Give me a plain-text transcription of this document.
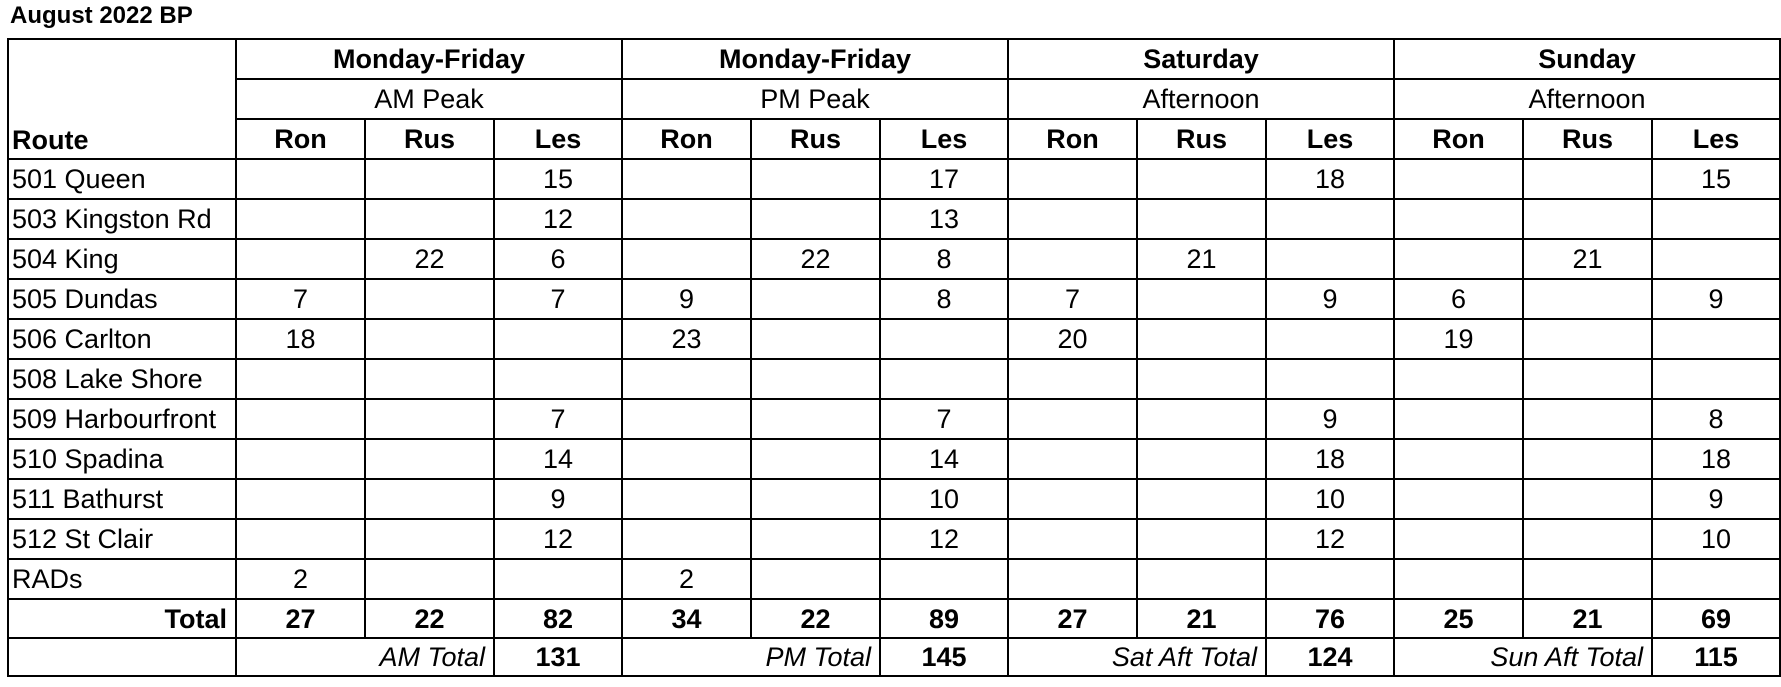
August 2022 BP
Route	Monday-Friday			Monday-Friday			Saturday			Sunday		
	AM Peak			PM Peak			Afternoon			Afternoon		
	Ron	Rus	Les	Ron	Rus	Les	Ron	Rus	Les	Ron	Rus	Les
501 Queen			15			17			18			15
503 Kingston Rd			12			13						
504 King		22	6		22	8		21			21	
505 Dundas	7		7	9		8	7		9	6		9
506 Carlton	18			23			20			19		
508 Lake Shore												
509 Harbourfront			7			7			9			8
510 Spadina			14			14			18			18
511 Bathurst			9			10			10			9
512 St Clair			12			12			12			10
RADs	2			2								
Total	27	22	82	34	22	89	27	21	76	25	21	69
	AM Total		131	PM Total		145	Sat Aft Total		124	Sun Aft Total		115
